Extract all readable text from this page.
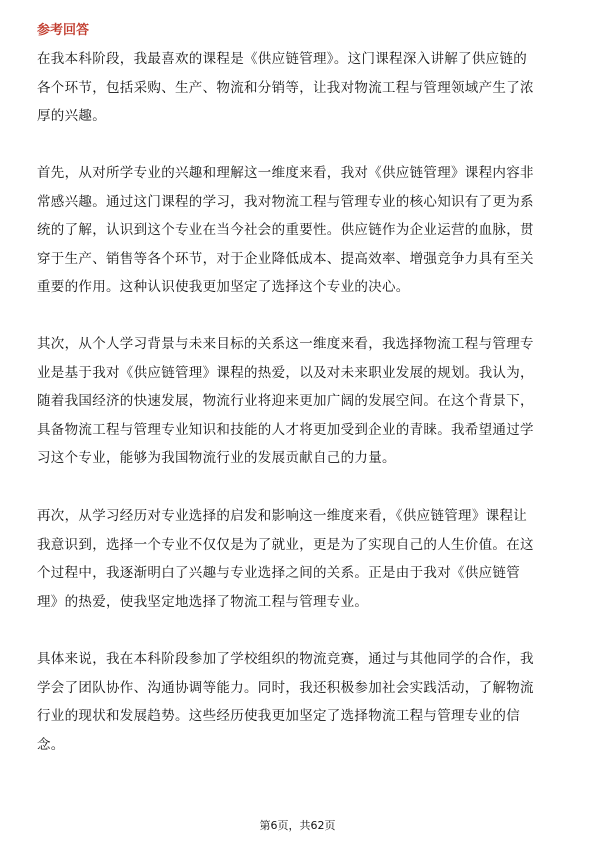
参考回答
在我本科阶段，我最喜欢的课程是《供应链管理》。这门课程深入讲解了供应链的
各个环节，包括采购、生产、物流和分销等，让我对物流工程与管理领域产生了浓
厚的兴趣。
首先，从对所学专业的兴趣和理解这一维度来看，我对《供应链管理》课程内容非
常感兴趣。通过这门课程的学习，我对物流工程与管理专业的核心知识有了更为系
统的了解，认识到这个专业在当今社会的重要性。供应链作为企业运营的血脉，贯
穿于生产、销售等各个环节，对于企业降低成本、提高效率、增强竞争力具有至关
重要的作用。这种认识使我更加坚定了选择这个专业的决心。
其次，从个人学习背景与未来目标的关系这一维度来看，我选择物流工程与管理专
业是基于我对《供应链管理》课程的热爱，以及对未来职业发展的规划。我认为，
随着我国经济的快速发展，物流行业将迎来更加广阔的发展空间。在这个背景下，
具备物流工程与管理专业知识和技能的人才将更加受到企业的青睐。我希望通过学
习这个专业，能够为我国物流行业的发展贡献自己的力量。
再次，从学习经历对专业选择的启发和影响这一维度来看，《供应链管理》课程让
我意识到，选择一个专业不仅仅是为了就业，更是为了实现自己的人生价值。在这
个过程中，我逐渐明白了兴趣与专业选择之间的关系。正是由于我对《供应链管
理》的热爱，使我坚定地选择了物流工程与管理专业。
具体来说，我在本科阶段参加了学校组织的物流竞赛，通过与其他同学的合作，我
学会了团队协作、沟通协调等能力。同时，我还积极参加社会实践活动，了解物流
行业的现状和发展趋势。这些经历使我更加坚定了选择物流工程与管理专业的信
念。
第6页，共62页
